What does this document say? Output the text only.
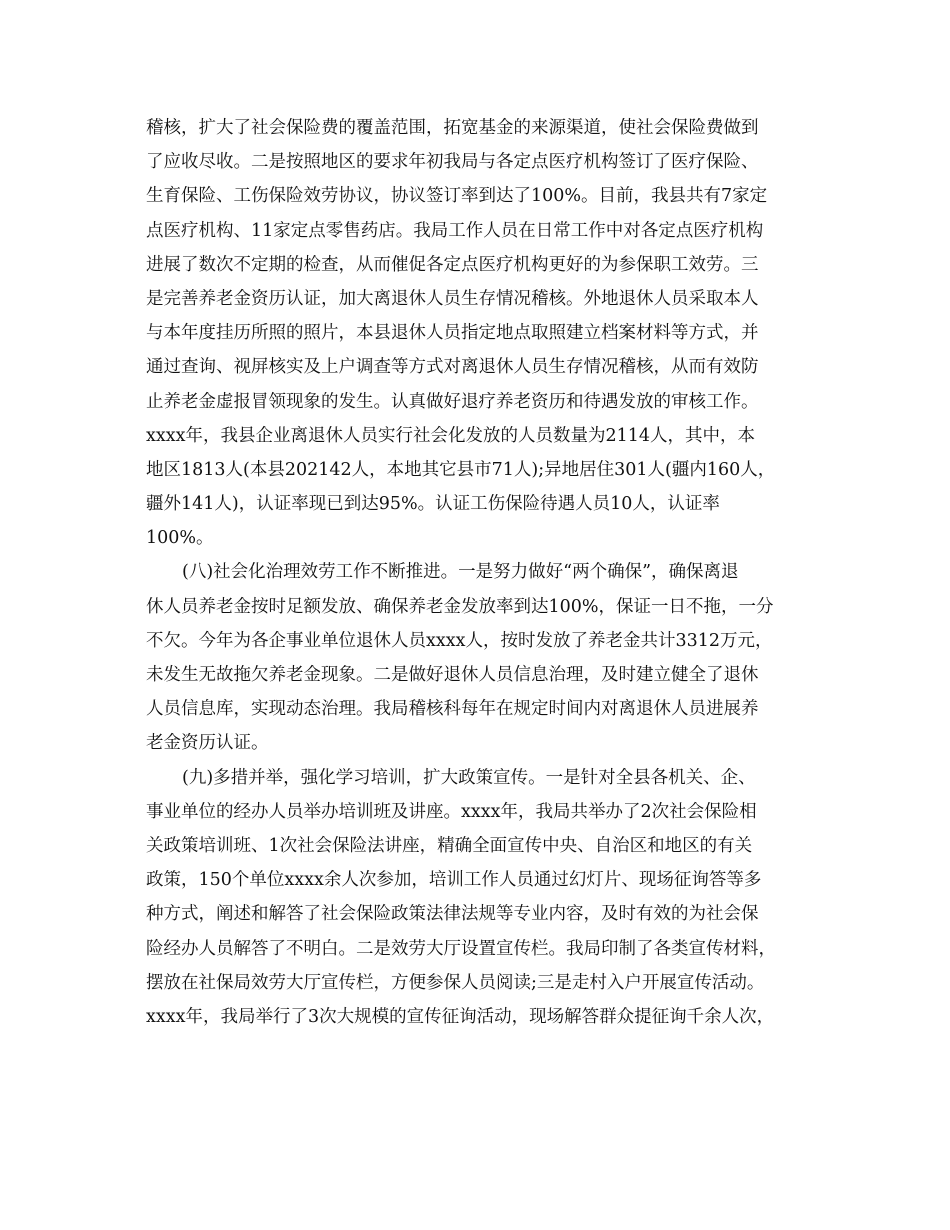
稽核，扩大了社会保险费的覆盖范围，拓宽基金的来源渠道，使社会保险费做到
了应收尽收。二是按照地区的要求年初我局与各定点医疗机构签订了医疗保险、
生育保险、工伤保险效劳协议，协议签订率到达了100%。目前，我县共有7家定
点医疗机构、11家定点零售药店。我局工作人员在日常工作中对各定点医疗机构
进展了数次不定期的检查，从而催促各定点医疗机构更好的为参保职工效劳。三
是完善养老金资历认证，加大离退休人员生存情况稽核。外地退休人员采取本人
与本年度挂历所照的照片，本县退休人员指定地点取照建立档案材料等方式，并
通过查询、视屏核实及上户调查等方式对离退休人员生存情况稽核，从而有效防
止养老金虚报冒领现象的发生。认真做好退疗养老资历和待遇发放的审核工作。
xxxx年，我县企业离退休人员实行社会化发放的人员数量为2114人，其中，本
地区1813人(本县202142人，本地其它县市71人);异地居住301人(疆内160人，
疆外141人)，认证率现已到达95%。认证工伤保险待遇人员10人，认证率
100%。
(八)社会化治理效劳工作不断推进。一是努力做好“两个确保”，确保离退
休人员养老金按时足额发放、确保养老金发放率到达100%，保证一日不拖，一分
不欠。今年为各企事业单位退休人员xxxx人，按时发放了养老金共计3312万元，
未发生无故拖欠养老金现象。二是做好退休人员信息治理，及时建立健全了退休
人员信息库，实现动态治理。我局稽核科每年在规定时间内对离退休人员进展养
老金资历认证。
(九)多措并举，强化学习培训，扩大政策宣传。一是针对全县各机关、企、
事业单位的经办人员举办培训班及讲座。xxxx年，我局共举办了2次社会保险相
关政策培训班、1次社会保险法讲座，精确全面宣传中央、自治区和地区的有关
政策，150个单位xxxx余人次参加，培训工作人员通过幻灯片、现场征询答等多
种方式，阐述和解答了社会保险政策法律法规等专业内容，及时有效的为社会保
险经办人员解答了不明白。二是效劳大厅设置宣传栏。我局印制了各类宣传材料，
摆放在社保局效劳大厅宣传栏，方便参保人员阅读;三是走村入户开展宣传活动。
xxxx年，我局举行了3次大规模的宣传征询活动，现场解答群众提征询千余人次，
